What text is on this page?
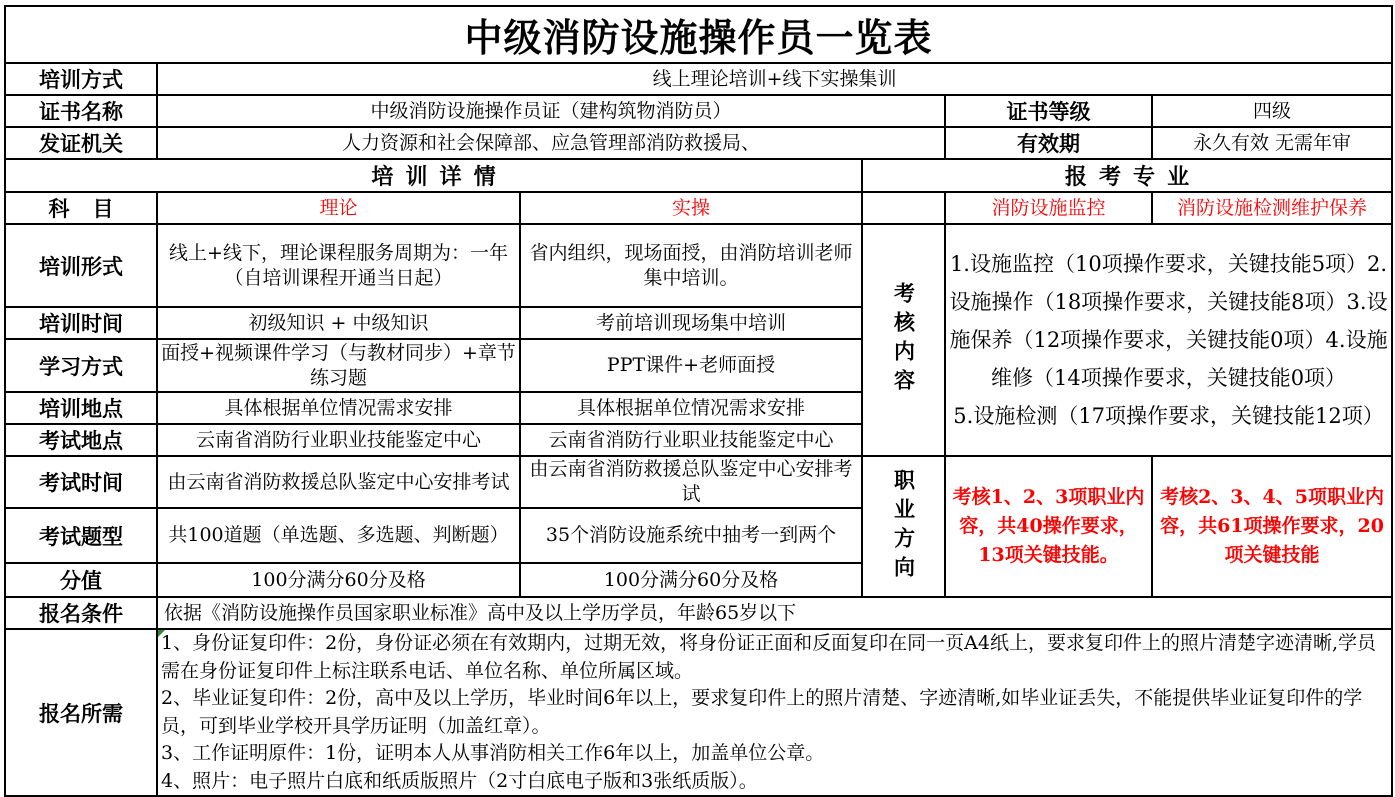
中级消防设施操作员一览表					
培训方式	线上理论培训+线下实操集训				
证书名称	中级消防设施操作员证（建构筑物消防员）			证书等级	四级
发证机关	人力资源和社会保障部、应急管理部消防救援局、			有效期	永久有效 无需年审
培训详情			报考专业		
科目	理论	实操		消防设施监控	消防设施检测维护保养
培训形式	线上+线下，理论课程服务周期为：一年（自培训课程开通当日起）	省内组织，现场面授，由消防培训老师集中培训。	考核内容	1.设施监控（10项操作要求，关键技能5项）2.设施操作（18项操作要求，关键技能8项）3.设施保养（12项操作要求，关键技能0项）4.设施维修（14项操作要求，关键技能0项）
5.设施检测（17项操作要求，关键技能12项）	

培训时间	初级知识 + 中级知识	考前培训现场集中培训			
学习方式	面授+视频课件学习（与教材同步）+章节练习题	PPT课件+老师面授			
培训地点	具体根据单位情况需求安排	具体根据单位情况需求安排			
考试地点	云南省消防行业职业技能鉴定中心	云南省消防行业职业技能鉴定中心			
考试时间	由云南省消防救援总队鉴定中心安排考试	由云南省消防救援总队鉴定中心安排考试	职业方向	考核1、2、3项职业内容，共40操作要求，13项关键技能。	考核2、3、4、5项职业内容，共61项操作要求，20项关键技能
考试题型	共100道题（单选题、多选题、判断题）	35个消防设施系统中抽考一到两个			
分值	100分满分60分及格	100分满分60分及格			
报名条件	依据《消防设施操作员国家职业标准》高中及以上学历学员，年龄65岁以下				
报名所需	1、身份证复印件：2份，身份证必须在有效期内，过期无效，将身份证正面和反面复印在同一页A4纸上，要求复印件上的照片清楚字迹清晰,学员需在身份证复印件上标注联系电话、单位名称、单位所属区域。
2、毕业证复印件：2份，高中及以上学历，毕业时间6年以上，要求复印件上的照片清楚、字迹清晰,如毕业证丢失，不能提供毕业证复印件的学员，可到毕业学校开具学历证明（加盖红章）。
3、工作证明原件：1份，证明本人从事消防相关工作6年以上，加盖单位公章。
4、照片：电子照片白底和纸质版照片（2寸白底电子版和3张纸质版）。				
